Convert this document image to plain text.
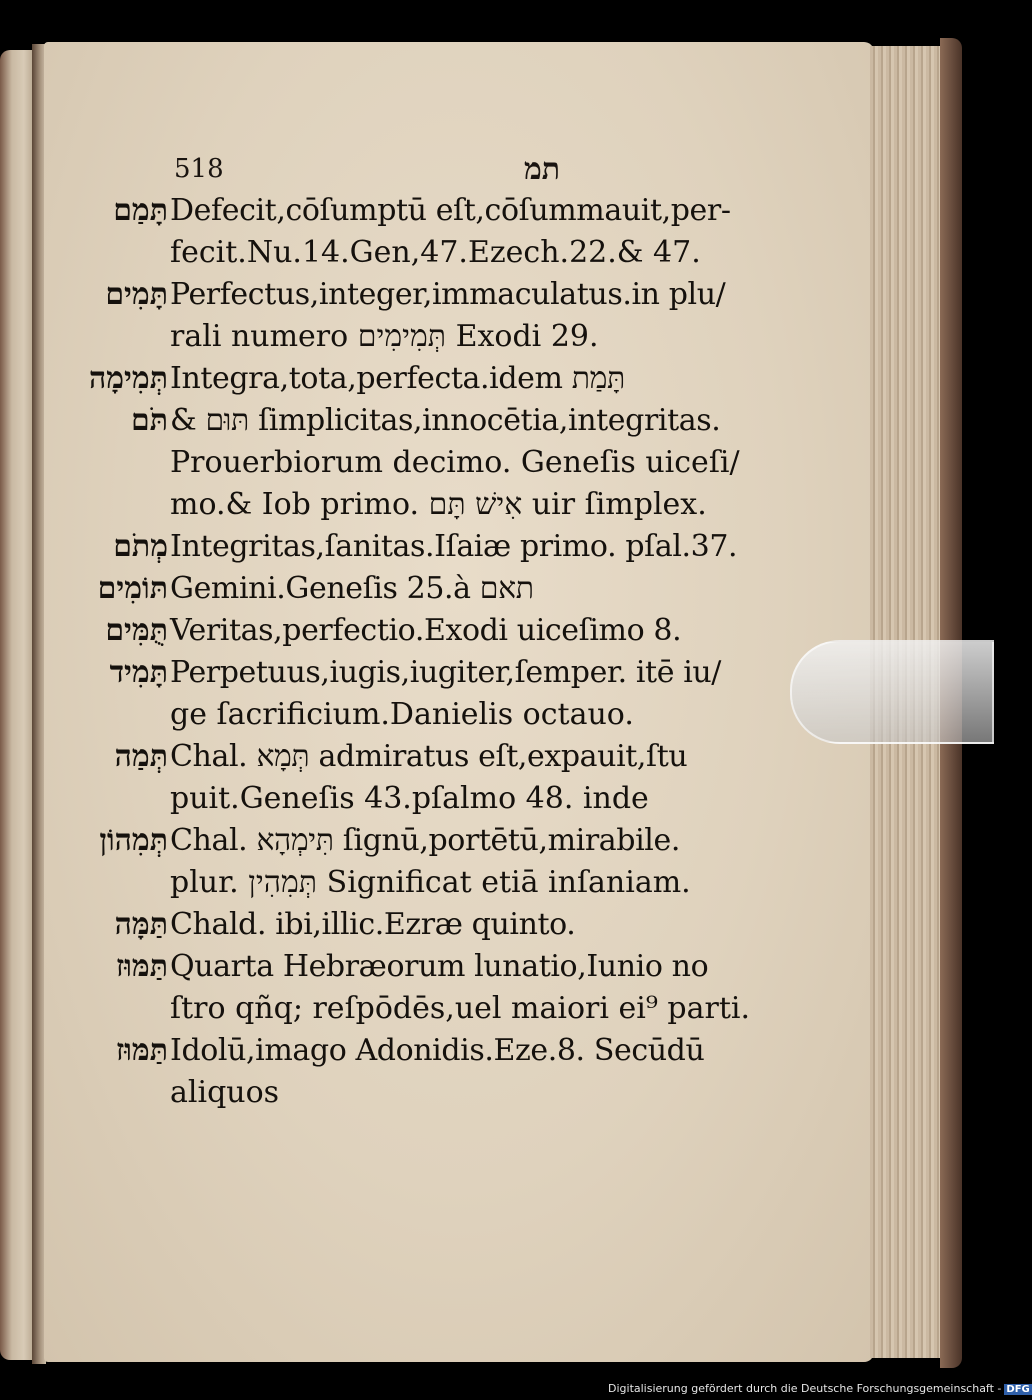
518	תמ
תָּמַם Defecit,cōſumptū eſt,cōſummauit,per-
fecit.Nu.14.Gen,47.Ezech.22.& 47.
תָּמִים Perfectus,integer,immaculatus.in plu/
rali numero תְּמִימִים Exodi 29.
תְּמִימָה Integra,tota,perfecta.idem תָּמַת
תֹּם & תּוּם ſimplicitas,innocētia,integritas.
Prouerbiorum decimo. Geneſis uiceſi/
mo.& Iob primo. אִישׁ תָּם uir ſimplex.
מְתֹם Integritas,ſanitas.Iſaiæ primo. pſal.37.
תּוֹמִים Gemini.Geneſis 25.à תאם
תֻּמִּים Veritas,perfectio.Exodi uiceſimo 8.
תָּמִיד Perpetuus,iugis,iugiter,ſemper. itē iu/
ge ſacrificium.Danielis octauo.
תְּמַה Chal. תְּמָא admiratus eſt,expauit,ſtu
puit.Geneſis 43.pſalmo 48. inde
תְּמִהוֹן Chal. תִּימְהָא ſignū,portētū,mirabile.
plur. תְּמִהִין Significat etiā inſaniam.
תַּמָּה Chald. ibi,illic.Ezræ quinto.
תַּמּוּז Quarta Hebræorum lunatio,Iunio no
ſtro qñq; reſpōdēs,uel maiori ei⁹ parti.
תַּמּוּז Idolū,imago Adonidis.Eze.8. Secūdū
aliquos
Digitalisierung gefördert durch die Deutsche Forschungsgemeinschaft - DFG
